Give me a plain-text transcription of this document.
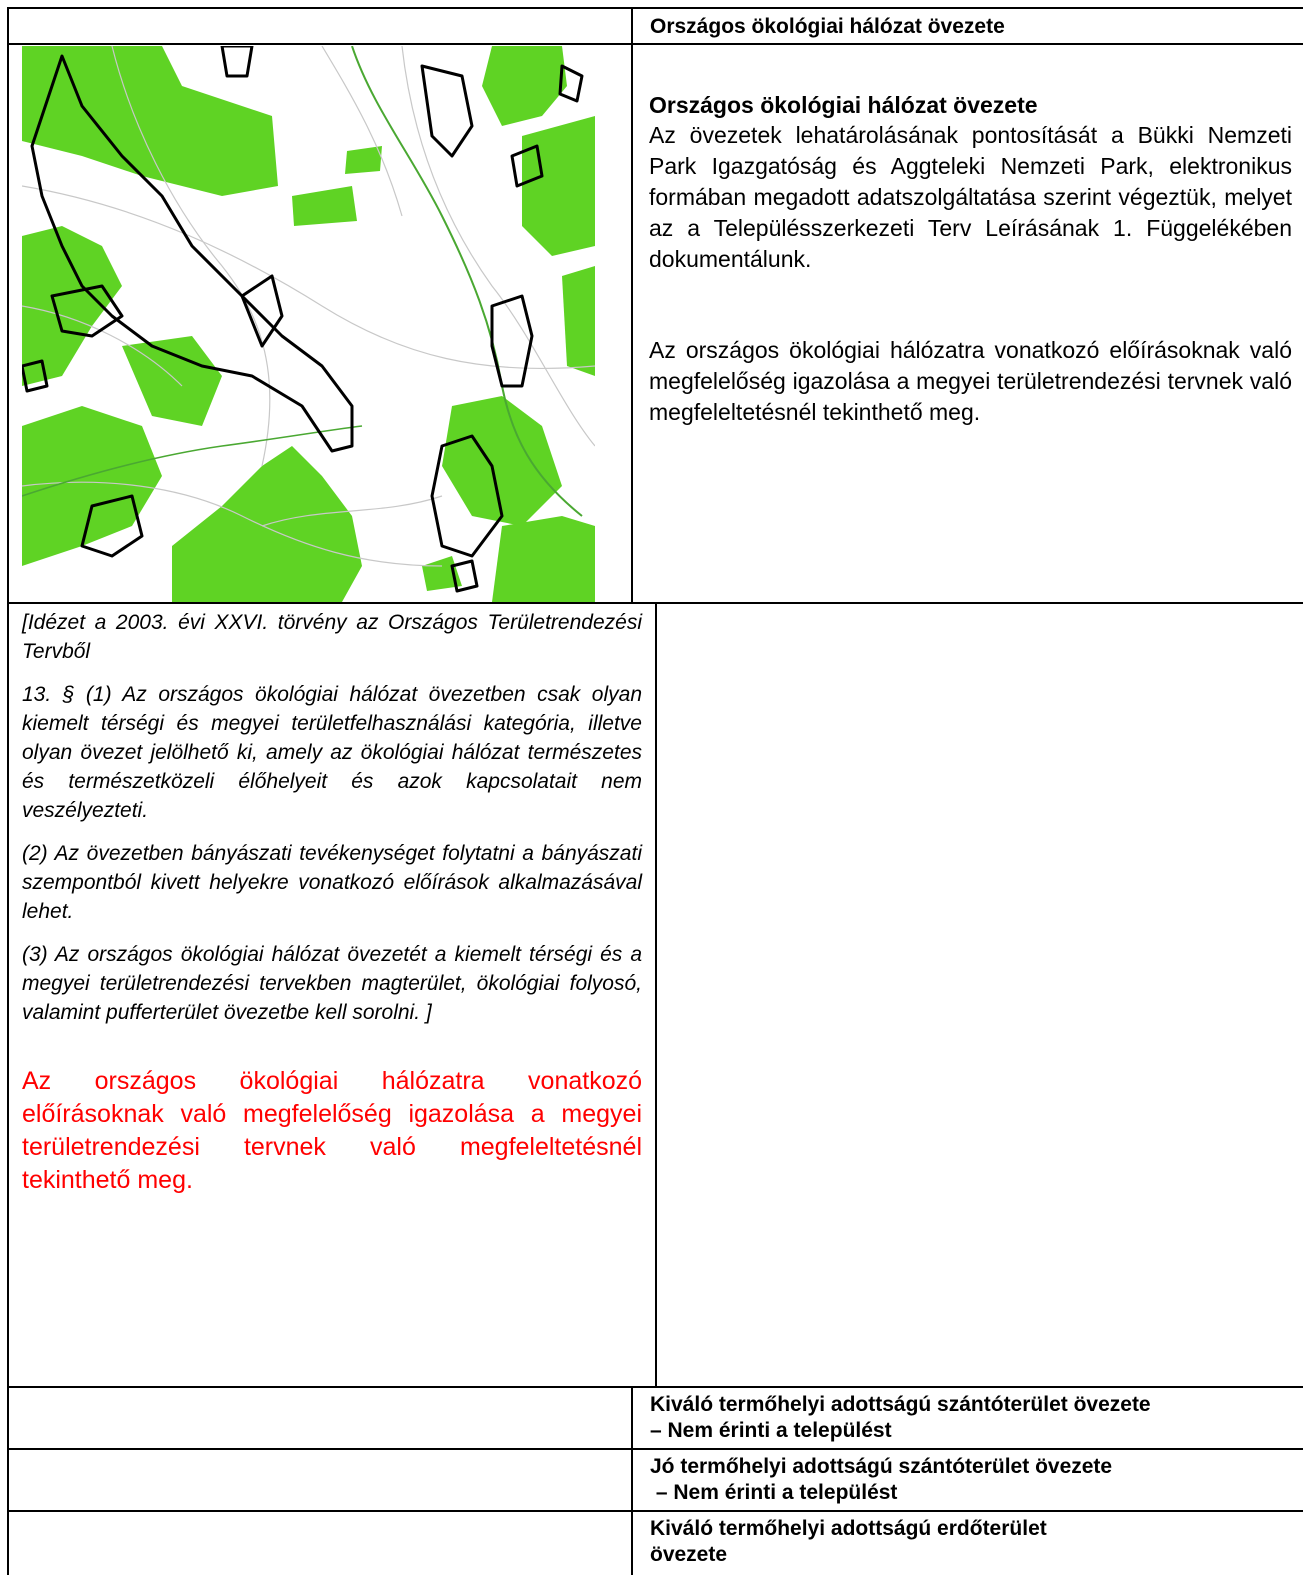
Országos ökológiai hálózat övezete
Országos ökológiai hálózat övezete

Az övezetek lehatárolásának pontosítását a Bükki Nemzeti Park Igazgatóság és Aggteleki Nemzeti Park, elektronikus formában megadott adatszolgáltatása szerint végeztük, melyet az a Településszerkezeti Terv Leírásának 1. Függelékében dokumentálunk.

Az országos ökológiai hálózatra vonatkozó előírásoknak való megfelelőség igazolása a megyei területrendezési tervnek való megfeleltetésnél tekinthető meg.

[Idézet a 2003. évi XXVI. törvény az Országos Területrendezési Tervből

13. § (1) Az országos ökológiai hálózat övezetben csak olyan kiemelt térségi és megyei területfelhasználási kategória, illetve olyan övezet jelölhető ki, amely az ökológiai hálózat természetes és természetközeli élőhelyeit és azok kapcsolatait nem veszélyezteti.

(2) Az övezetben bányászati tevékenységet folytatni a bányászati szempontból kivett helyekre vonatkozó előírások alkalmazásával lehet.

(3) Az országos ökológiai hálózat övezetét a kiemelt térségi és a megyei területrendezési tervekben magterület, ökológiai folyosó, valamint pufferterület övezetbe kell sorolni. ]

Az országos ökológiai hálózatra vonatkozó előírásoknak való megfelelőség igazolása a megyei területrendezési tervnek való megfeleltetésnél tekinthető meg.

Kiváló termőhelyi adottságú szántóterület övezete
– Nem érinti a települést
Jó termőhelyi adottságú szántóterület övezete
– Nem érinti a települést
Kiváló termőhelyi adottságú erdőterület
övezete
